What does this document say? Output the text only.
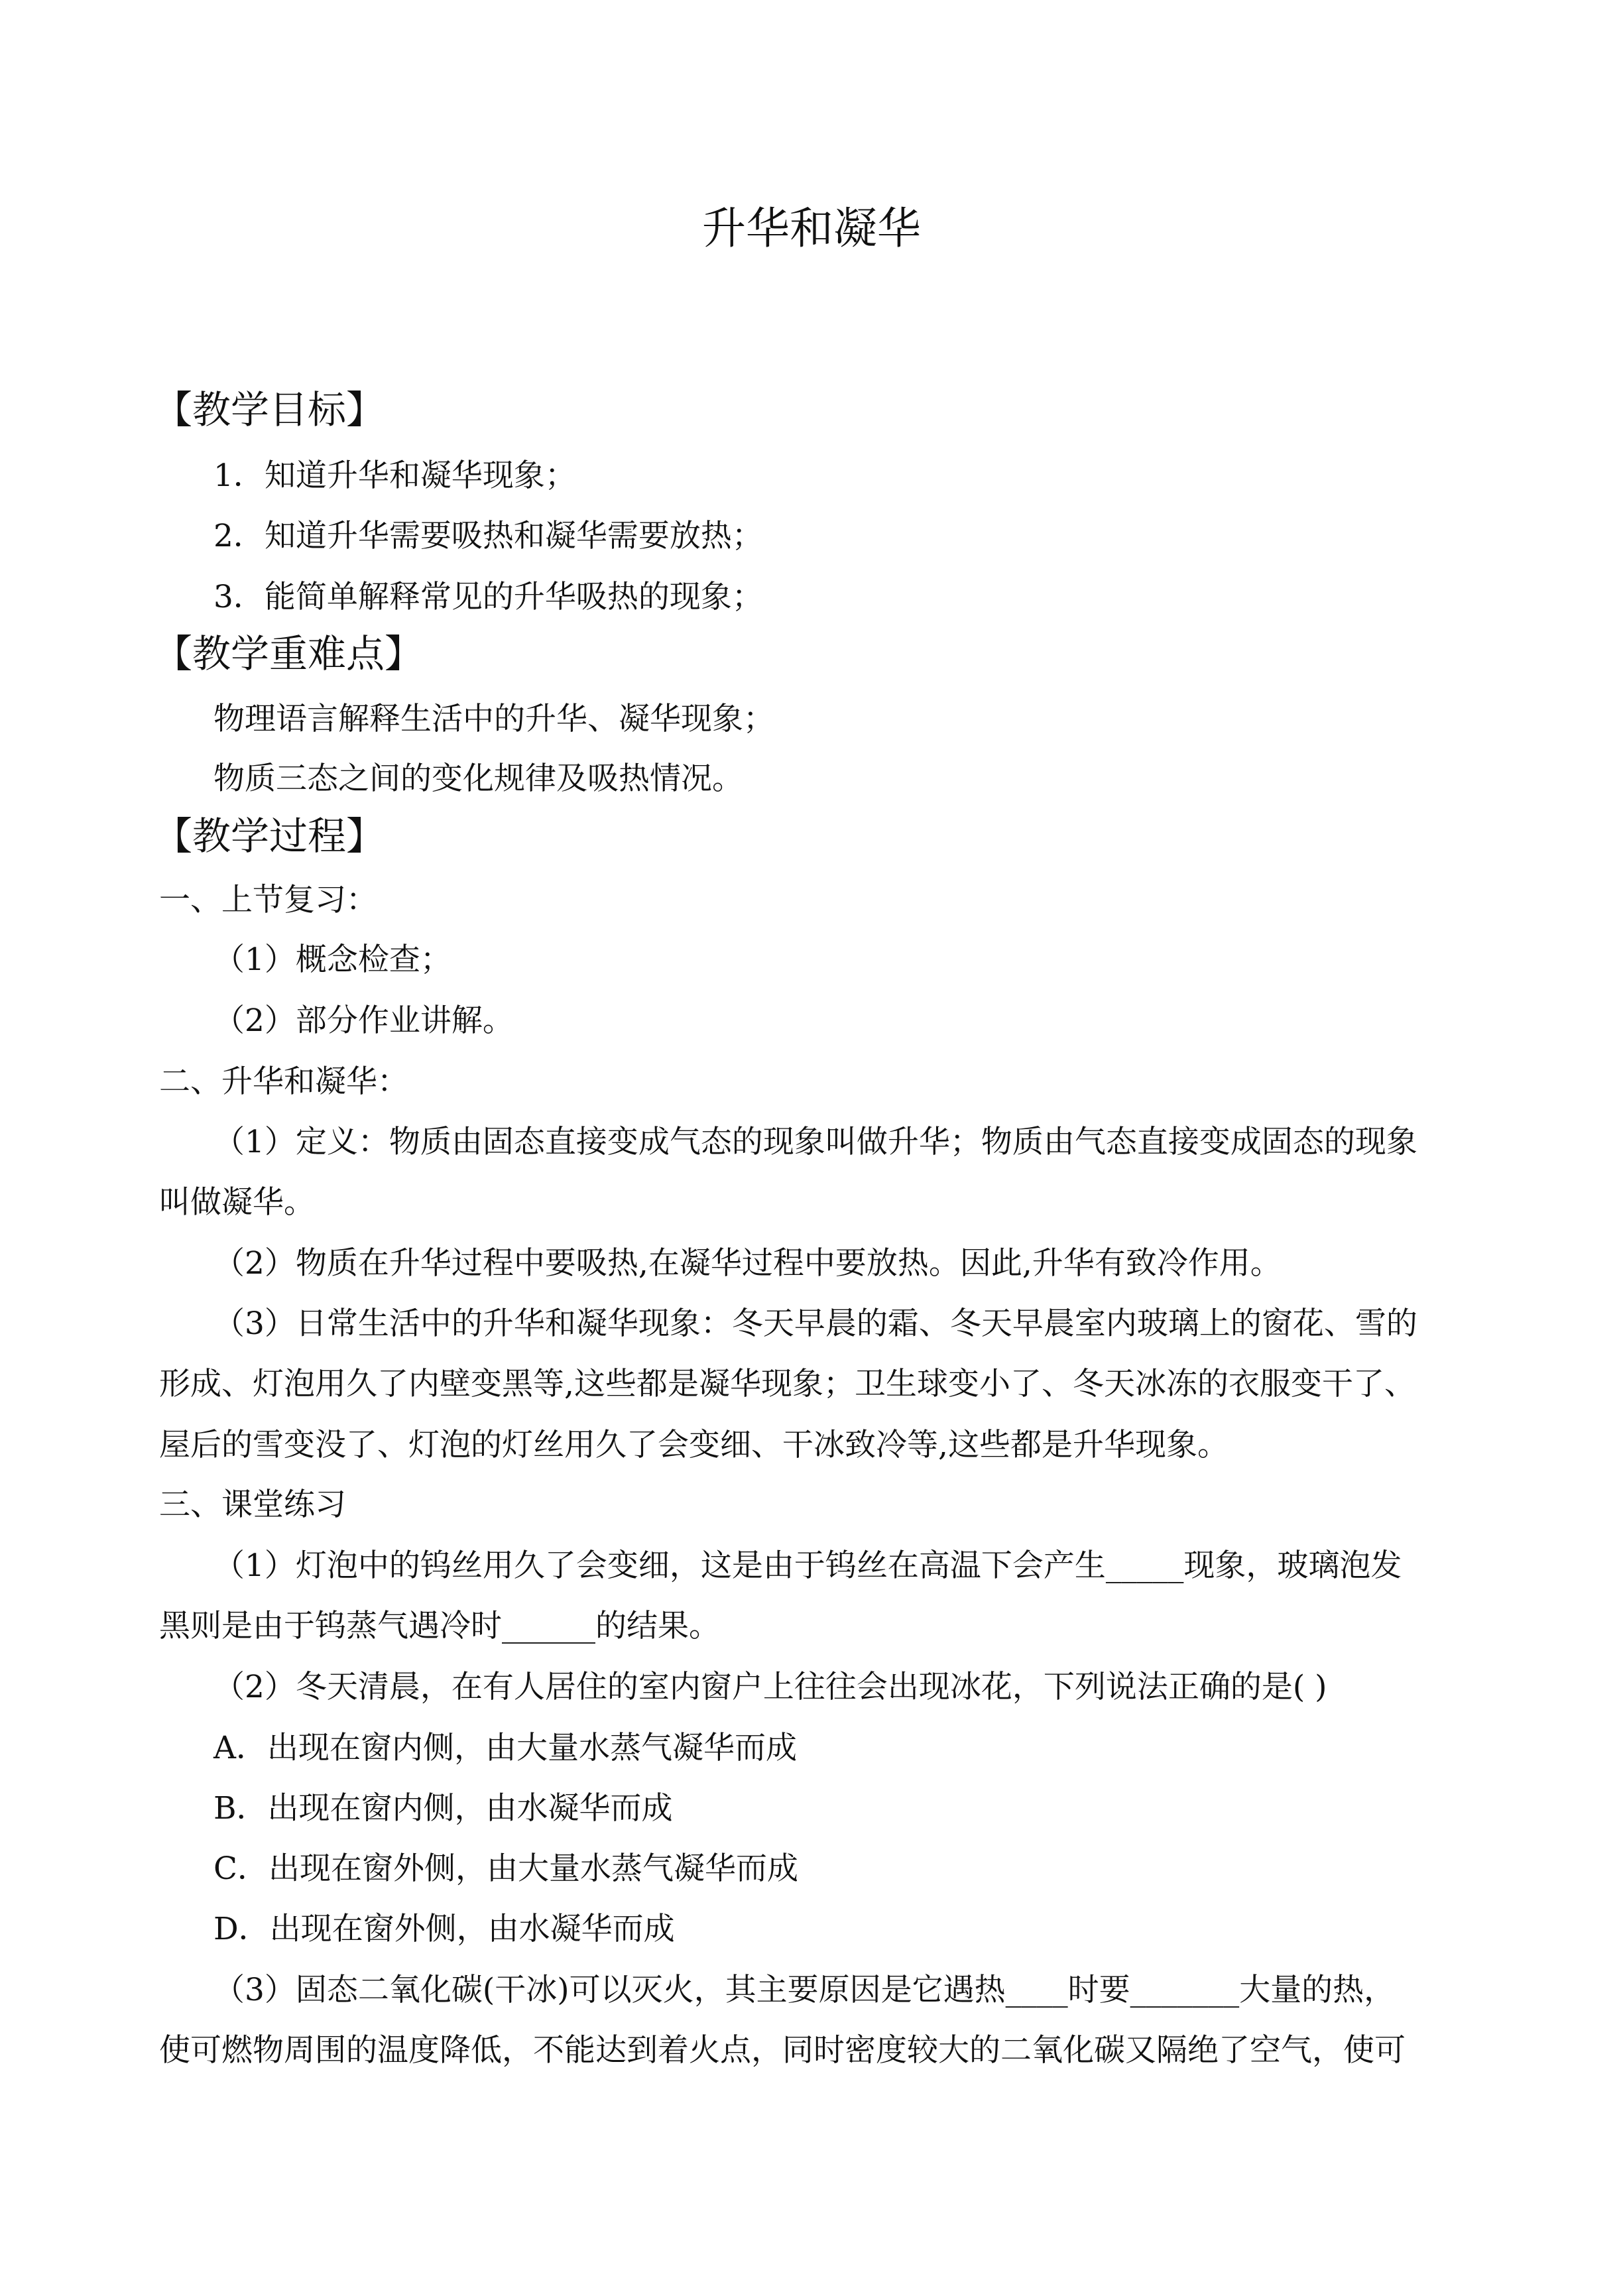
升华和凝华
【教学目标】
1．知道升华和凝华现象；
2．知道升华需要吸热和凝华需要放热；
3．能简单解释常见的升华吸热的现象；
【教学重难点】
物理语言解释生活中的升华、凝华现象；
物质三态之间的变化规律及吸热情况。
【教学过程】
一、上节复习：
（1）概念检查；
（2）部分作业讲解。
二、升华和凝华：
（1）定义：物质由固态直接变成气态的现象叫做升华；物质由气态直接变成固态的现象
叫做凝华。
（2）物质在升华过程中要吸热,在凝华过程中要放热。因此,升华有致冷作用。
（3）日常生活中的升华和凝华现象：冬天早晨的霜、冬天早晨室内玻璃上的窗花、雪的
形成、灯泡用久了内壁变黑等,这些都是凝华现象；卫生球变小了、冬天冰冻的衣服变干了、
屋后的雪变没了、灯泡的灯丝用久了会变细、干冰致冷等,这些都是升华现象。
三、课堂练习
（1）灯泡中的钨丝用久了会变细，这是由于钨丝在高温下会产生_____现象，玻璃泡发
黑则是由于钨蒸气遇冷时______的结果。
（2）冬天清晨，在有人居住的室内窗户上往往会出现冰花，下列说法正确的是( )
A．出现在窗内侧，由大量水蒸气凝华而成
B．出现在窗内侧，由水凝华而成
C．出现在窗外侧，由大量水蒸气凝华而成
D．出现在窗外侧，由水凝华而成
（3）固态二氧化碳(干冰)可以灭火，其主要原因是它遇热____时要_______大量的热，
使可燃物周围的温度降低，不能达到着火点，同时密度较大的二氧化碳又隔绝了空气，使可
